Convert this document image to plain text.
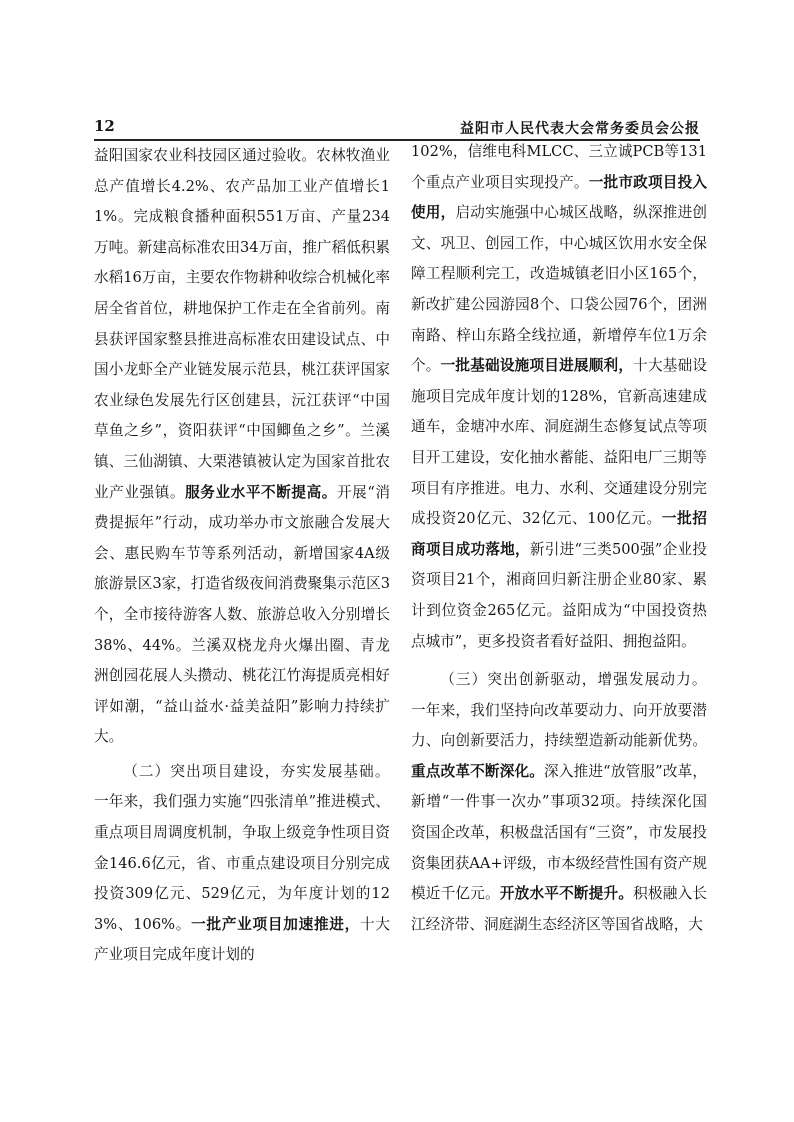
12	益阳市人民代表大会常务委员会公报

益阳国家农业科技园区通过验收。农林牧渔业总产值增长4.2%、农产品加工业产值增长11%。完成粮食播种面积551万亩、产量234万吨。新建高标准农田34万亩，推广稻低积累水稻16万亩，主要农作物耕种收综合机械化率居全省首位，耕地保护工作走在全省前列。南县获评国家整县推进高标准农田建设试点、中国小龙虾全产业链发展示范县，桃江获评国家农业绿色发展先行区创建县，沅江获评“中国草鱼之乡”，资阳获评“中国鲫鱼之乡”。兰溪镇、三仙湖镇、大栗港镇被认定为国家首批农业产业强镇。服务业水平不断提高。开展“消费提振年”行动，成功举办市文旅融合发展大会、惠民购车节等系列活动，新增国家4A级旅游景区3家，打造省级夜间消费聚集示范区3个，全市接待游客人数、旅游总收入分别增长38%、44%。兰溪双桡龙舟火爆出圈、青龙洲创园花展人头攒动、桃花江竹海提质亮相好评如潮，“益山益水·益美益阳”影响力持续扩大。

（二）突出项目建设，夯实发展基础。一年来，我们强力实施“四张清单”推进模式、重点项目周调度机制，争取上级竞争性项目资金146.6亿元，省、市重点建设项目分别完成投资309亿元、529亿元，为年度计划的123%、106%。一批产业项目加速推进，十大产业项目完成年度计划的

102%，信维电科MLCC、三立诚PCB等131个重点产业项目实现投产。一批市政项目投入使用，启动实施强中心城区战略，纵深推进创文、巩卫、创园工作，中心城区饮用水安全保障工程顺利完工，改造城镇老旧小区165个，新改扩建公园游园8个、口袋公园76个，团洲南路、梓山东路全线拉通，新增停车位1万余个。一批基础设施项目进展顺利，十大基础设施项目完成年度计划的128%，官新高速建成通车，金塘冲水库、洞庭湖生态修复试点等项目开工建设，安化抽水蓄能、益阳电厂三期等项目有序推进。电力、水利、交通建设分别完成投资20亿元、32亿元、100亿元。一批招商项目成功落地，新引进“三类500强”企业投资项目21个，湘商回归新注册企业80家、累计到位资金265亿元。益阳成为“中国投资热点城市”，更多投资者看好益阳、拥抱益阳。

（三）突出创新驱动，增强发展动力。一年来，我们坚持向改革要动力、向开放要潜力、向创新要活力，持续塑造新动能新优势。重点改革不断深化。深入推进“放管服”改革，新增“一件事一次办”事项32项。持续深化国资国企改革，积极盘活国有“三资”，市发展投资集团获AA+评级，市本级经营性国有资产规模近千亿元。开放水平不断提升。积极融入长江经济带、洞庭湖生态经济区等国省战略，大
